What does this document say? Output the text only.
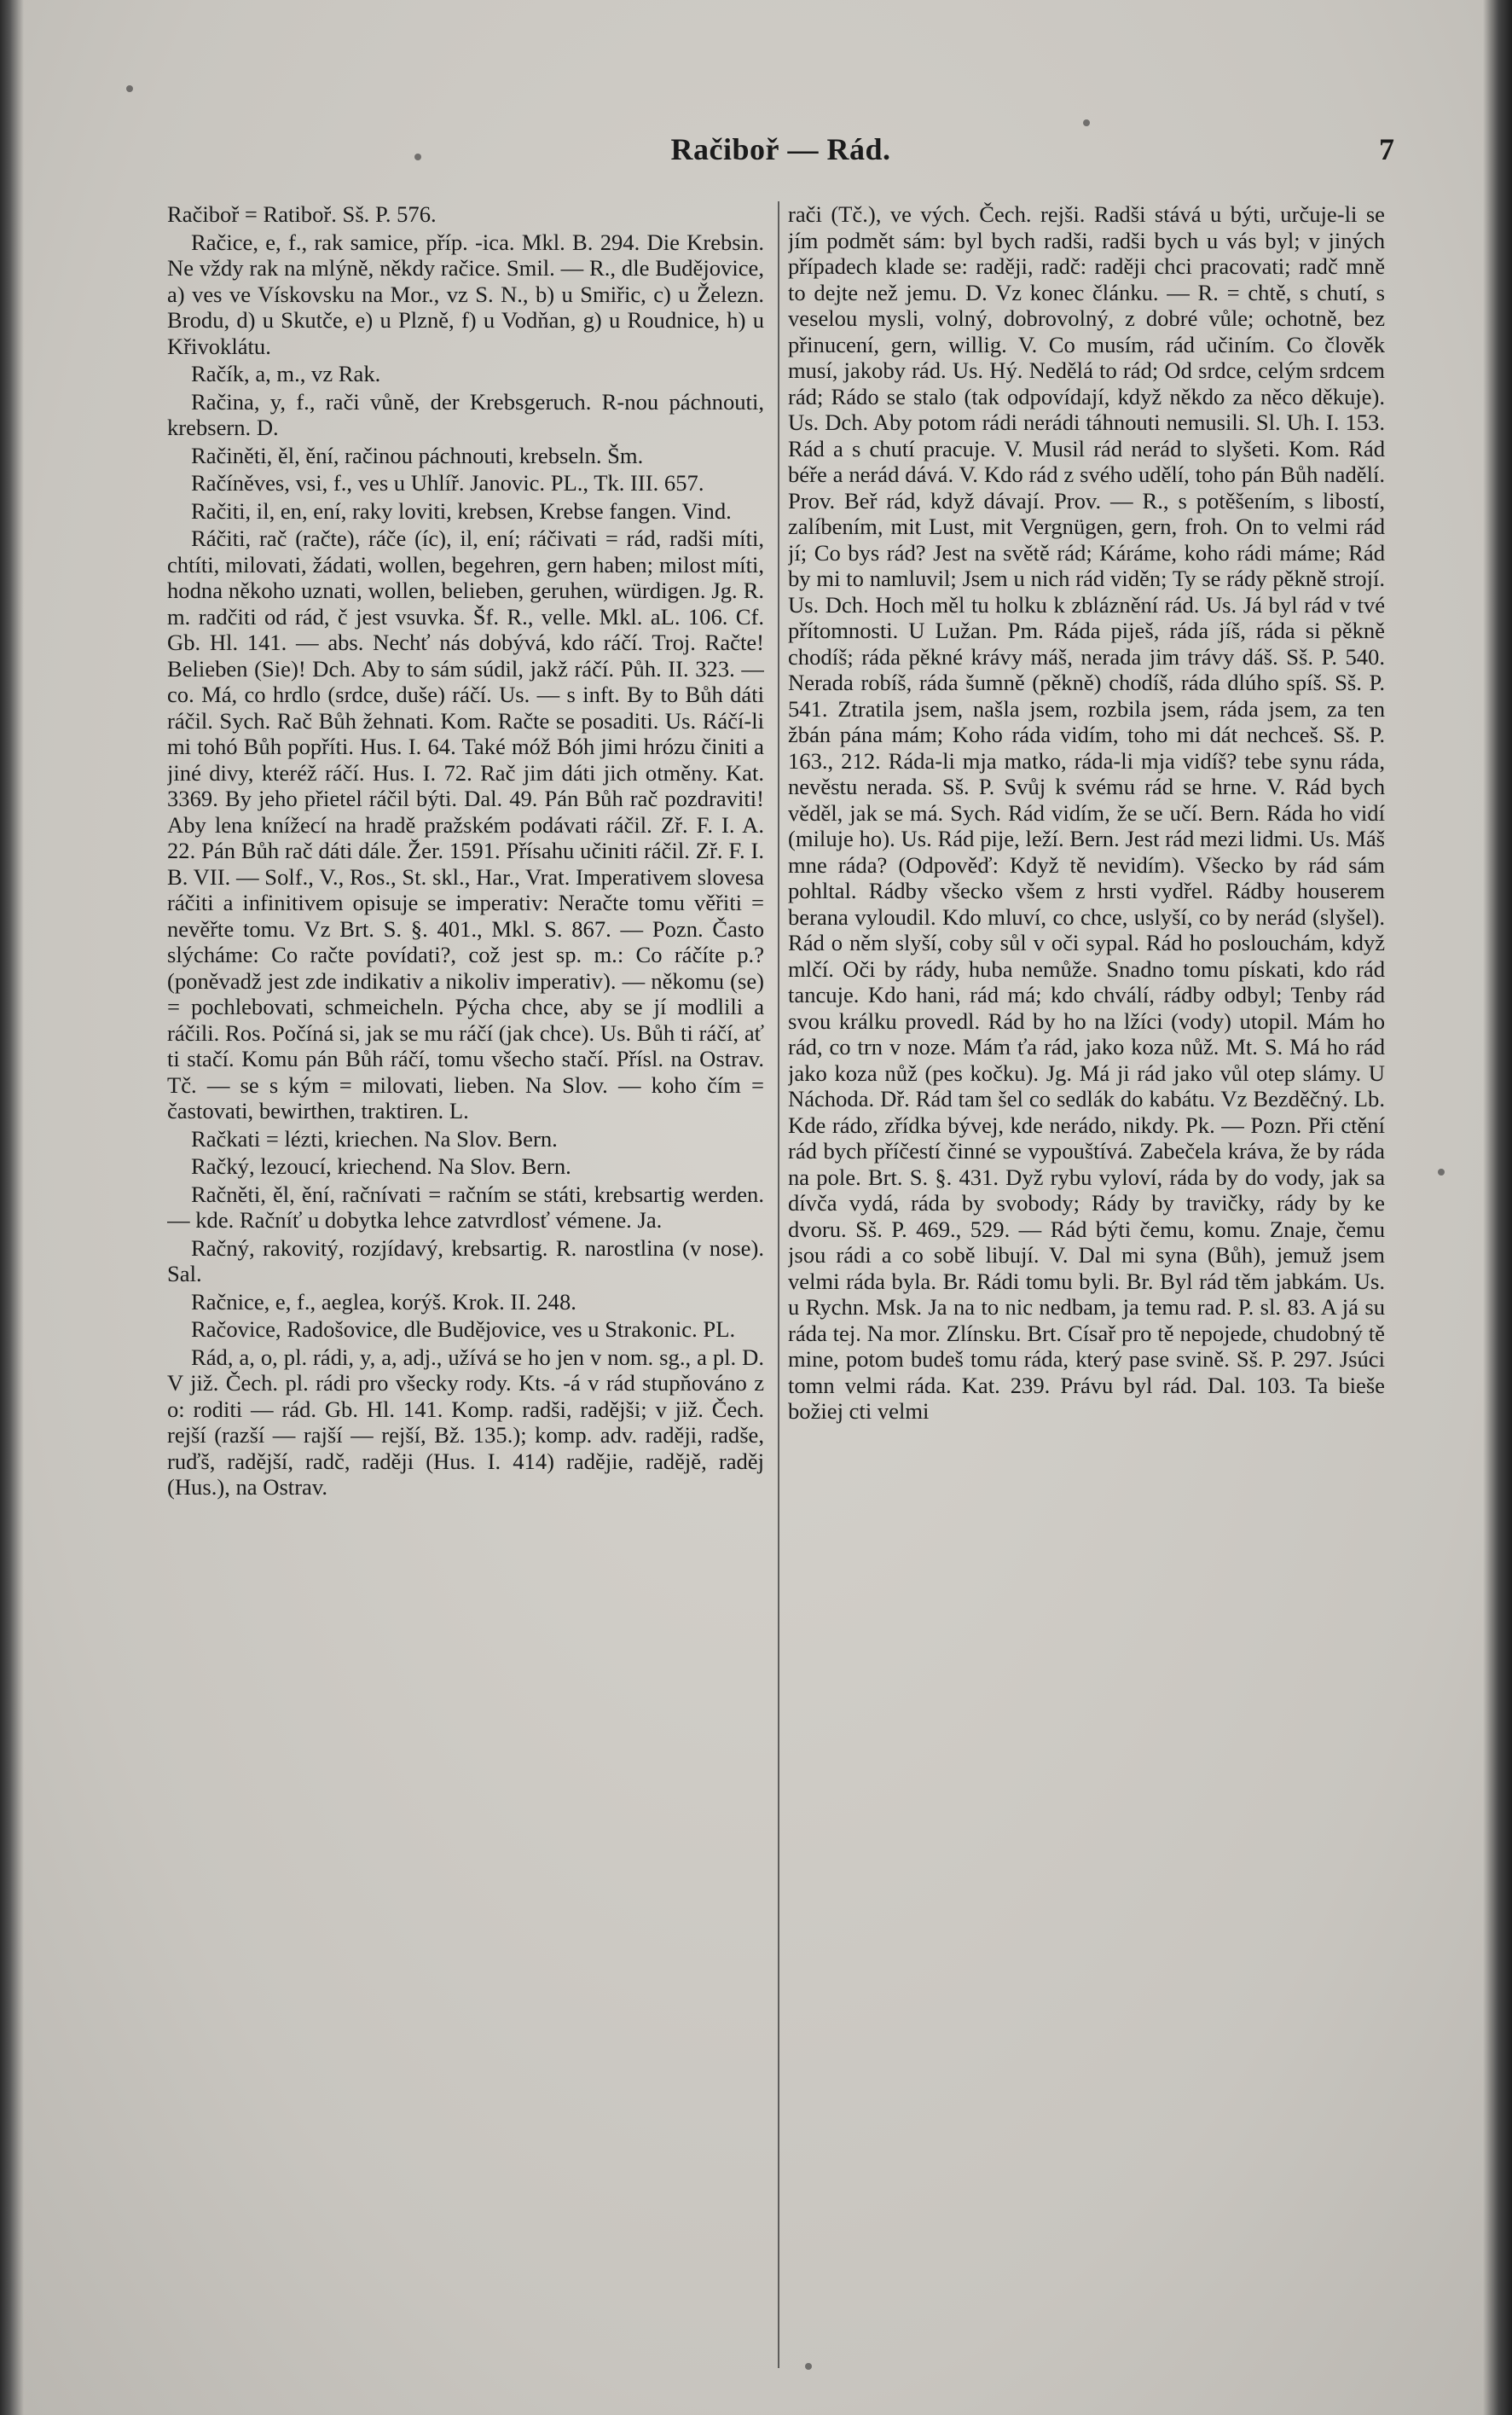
Račiboř — Rád.	7

Račiboř = Ratiboř. Sš. P. 576.

Račice, e, f., rak samice, příp. -ica. Mkl. B. 294. Die Krebsin. Ne vždy rak na mlýně, někdy račice. Smil. — R., dle Budějovice, a) ves ve Vískovsku na Mor., vz S. N., b) u Smiřic, c) u Železn. Brodu, d) u Skutče, e) u Plzně, f) u Vodňan, g) u Roudnice, h) u Křivoklátu.

Račík, a, m., vz Rak.

Račina, y, f., rači vůně, der Krebsgeruch. R-nou páchnouti, krebsern. D.

Račiněti, ěl, ění, račinou páchnouti, krebseln. Šm.

Račíněves, vsi, f., ves u Uhlíř. Janovic. PL., Tk. III. 657.

Račiti, il, en, ení, raky loviti, krebsen, Krebse fangen. Vind.

Ráčiti, rač (račte), ráče (íc), il, ení; ráčivati = rád, radši míti, chtíti, milovati, žádati, wollen, begehren, gern haben; milost míti, hodna někoho uznati, wollen, belieben, geruhen, würdigen. Jg. R. m. radčiti od rád, č jest vsuvka. Šf. R., velle. Mkl. aL. 106. Cf. Gb. Hl. 141. — abs. Nechť nás dobývá, kdo ráčí. Troj. Račte! Belieben (Sie)! Dch. Aby to sám súdil, jakž ráčí. Půh. II. 323. — co. Má, co hrdlo (srdce, duše) ráčí. Us. — s inft. By to Bůh dáti ráčil. Sych. Rač Bůh žehnati. Kom. Račte se posaditi. Us. Ráčí-li mi tohó Bůh popříti. Hus. I. 64. Také móž Bóh jimi hrózu činiti a jiné divy, kteréž ráčí. Hus. I. 72. Rač jim dáti jich otměny. Kat. 3369. By jeho přietel ráčil býti. Dal. 49. Pán Bůh rač pozdraviti! Aby lena knížecí na hradě pražském podávati ráčil. Zř. F. I. A. 22. Pán Bůh rač dáti dále. Žer. 1591. Přísahu učiniti ráčil. Zř. F. I. B. VII. — Solf., V., Ros., St. skl., Har., Vrat. Imperativem slovesa ráčiti a infinitivem opisuje se imperativ: Neračte tomu věřiti = nevěřte tomu. Vz Brt. S. §. 401., Mkl. S. 867. — Pozn. Často slýcháme: Co račte povídati?, což jest sp. m.: Co ráčíte p.? (poněvadž jest zde indikativ a nikoliv imperativ). — někomu (se) = pochlebovati, schmeicheln. Pýcha chce, aby se jí modlili a ráčili. Ros. Počíná si, jak se mu ráčí (jak chce). Us. Bůh ti ráčí, ať ti stačí. Komu pán Bůh ráčí, tomu všecho stačí. Přísl. na Ostrav. Tč. — se s kým = milovati, lieben. Na Slov. — koho čím = častovati, bewirthen, traktiren. L.

Račkati = lézti, kriechen. Na Slov. Bern.

Račký, lezoucí, kriechend. Na Slov. Bern.

Račněti, ěl, ění, račnívati = račním se státi, krebsartig werden. — kde. Račníť u dobytka lehce zatvrdlosť vémene. Ja.

Račný, rakovitý, rozjídavý, krebsartig. R. narostlina (v nose). Sal.

Račnice, e, f., aeglea, korýš. Krok. II. 248.

Račovice, Radošovice, dle Budějovice, ves u Strakonic. PL.

Rád, a, o, pl. rádi, y, a, adj., užívá se ho jen v nom. sg., a pl. D. V již. Čech. pl. rádi pro všecky rody. Kts. -á v rád stupňováno z o: roditi — rád. Gb. Hl. 141. Komp. radši, radějši; v již. Čech. rejší (razší — rajší — rejší, Bž. 135.); komp. adv. raději, radše, ruďš, radější, radč, raději (Hus. I. 414) radějie, radějě, raděj (Hus.), na Ostrav.

rači (Tč.), ve vých. Čech. rejši. Radši stává u býti, určuje-li se jím podmět sám: byl bych radši, radši bych u vás byl; v jiných případech klade se: raději, radč: raději chci pracovati; radč mně to dejte než jemu. D. Vz konec článku. — R. = chtě, s chutí, s veselou mysli, volný, dobrovolný, z dobré vůle; ochotně, bez přinucení, gern, willig. V. Co musím, rád učiním. Co člověk musí, jakoby rád. Us. Hý. Nedělá to rád; Od srdce, celým srdcem rád; Rádo se stalo (tak odpovídají, když někdo za něco děkuje). Us. Dch. Aby potom rádi nerádi táhnouti nemusili. Sl. Uh. I. 153. Rád a s chutí pracuje. V. Musil rád nerád to slyšeti. Kom. Rád béře a nerád dává. V. Kdo rád z svého udělí, toho pán Bůh nadělí. Prov. Beř rád, když dávají. Prov. — R., s potěšením, s libostí, zalíbením, mit Lust, mit Vergnügen, gern, froh. On to velmi rád jí; Co bys rád? Jest na světě rád; Káráme, koho rádi máme; Rád by mi to namluvil; Jsem u nich rád viděn; Ty se rády pěkně strojí. Us. Dch. Hoch měl tu holku k zbláznění rád. Us. Já byl rád v tvé přítomnosti. U Lužan. Pm. Ráda piješ, ráda jíš, ráda si pěkně chodíš; ráda pěkné krávy máš, nerada jim trávy dáš. Sš. P. 540. Nerada robíš, ráda šumně (pěkně) chodíš, ráda dlúho spíš. Sš. P. 541. Ztratila jsem, našla jsem, rozbila jsem, ráda jsem, za ten žbán pána mám; Koho ráda vidím, toho mi dát nechceš. Sš. P. 163., 212. Ráda-li mja matko, ráda-li mja vidíš? tebe synu ráda, nevěstu nerada. Sš. P. Svůj k svému rád se hrne. V. Rád bych věděl, jak se má. Sych. Rád vidím, že se učí. Bern. Ráda ho vidí (miluje ho). Us. Rád pije, leží. Bern. Jest rád mezi lidmi. Us. Máš mne ráda? (Odpověď: Když tě nevidím). Všecko by rád sám pohltal. Rádby všecko všem z hrsti vydřel. Rádby houserem berana vyloudil. Kdo mluví, co chce, uslyší, co by nerád (slyšel). Rád o něm slyší, coby sůl v oči sypal. Rád ho poslouchám, když mlčí. Oči by rády, huba nemůže. Snadno tomu pískati, kdo rád tancuje. Kdo hani, rád má; kdo chválí, rádby odbyl; Tenby rád svou králku provedl. Rád by ho na lžíci (vody) utopil. Mám ho rád, co trn v noze. Mám ťa rád, jako koza nůž. Mt. S. Má ho rád jako koza nůž (pes kočku). Jg. Má ji rád jako vůl otep slámy. U Náchoda. Dř. Rád tam šel co sedlák do kabátu. Vz Bezděčný. Lb. Kde rádo, zřídka bývej, kde nerádo, nikdy. Pk. — Pozn. Při ctění rád bych příčestí činné se vypouštívá. Zabečela kráva, že by ráda na pole. Brt. S. §. 431. Dyž rybu vyloví, ráda by do vody, jak sa dívča vydá, ráda by svobody; Rády by travičky, rády by ke dvoru. Sš. P. 469., 529. — Rád býti čemu, komu. Znaje, čemu jsou rádi a co sobě libují. V. Dal mi syna (Bůh), jemuž jsem velmi ráda byla. Br. Rádi tomu byli. Br. Byl rád těm jabkám. Us. u Rychn. Msk. Ja na to nic nedbam, ja temu rad. P. sl. 83. A já su ráda tej. Na mor. Zlínsku. Brt. Císař pro tě nepojede, chudobný tě mine, potom budeš tomu ráda, který pase svině. Sš. P. 297. Jsúci tomn velmi ráda. Kat. 239. Právu byl rád. Dal. 103. Ta bieše božiej cti velmi
